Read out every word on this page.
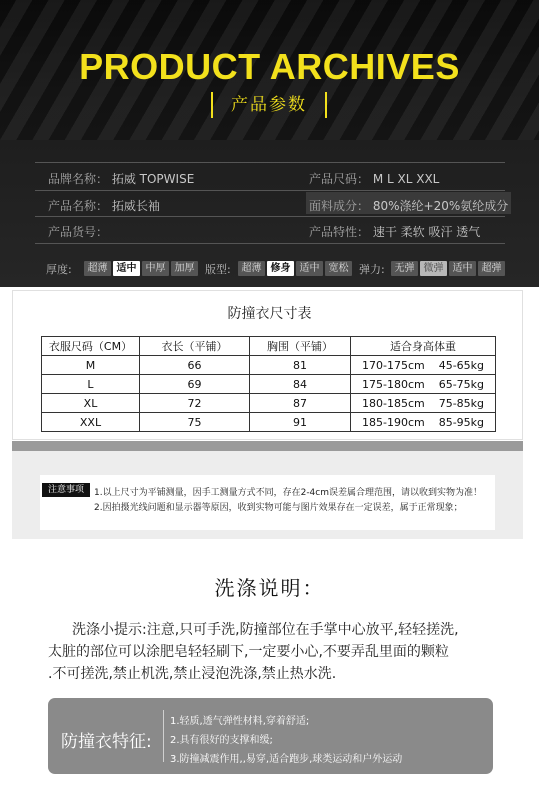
PRODUCT ARCHIVES
产品参数
品牌名称： 拓威 TOPWISE	产品尺码： M L XL XXL
产品名称： 拓威长袖	面料成分： 80%涤纶+20%氨纶成分
产品货号：	产品特性： 速干 柔软 吸汗 透气
厚度:	超薄 适中 中厚 加厚 版型:	超薄 修身 适中 宽松 弹力: 无弹 微弹 适中 超弹
防撞衣尺寸表
衣服尺码（CM）	衣长（平铺）	胸围（平铺）	适合身高体重
M	66	81	170-175cm    45-65kg
L	69	84	175-180cm    65-75kg
XL	72	87	180-185cm    75-85kg
XXL	75	91	185-190cm    85-95kg
注意事项	1.以上尺寸为平铺测量，因手工测量方式不同，存在2-4cm误差属合理范围，请以收到实物为准！
2.因拍摄光线问题和显示器等原因，收到实物可能与图片效果存在一定误差，属于正常现象；
洗涤说明：
洗涤小提示:注意,只可手洗,防撞部位在手掌中心放平,轻轻搓洗,
太脏的部位可以涂肥皂轻轻刷下,一定要小心,不要弄乱里面的颗粒
.不可搓洗,禁止机洗,禁止浸泡洗涤,禁止热水洗.
防撞衣特征:
1.轻质,透气弹性材料,穿着舒适;
2.具有很好的支撑和缓;
3.防撞减震作用,,易穿,适合跑步,球类运动和户外运动
